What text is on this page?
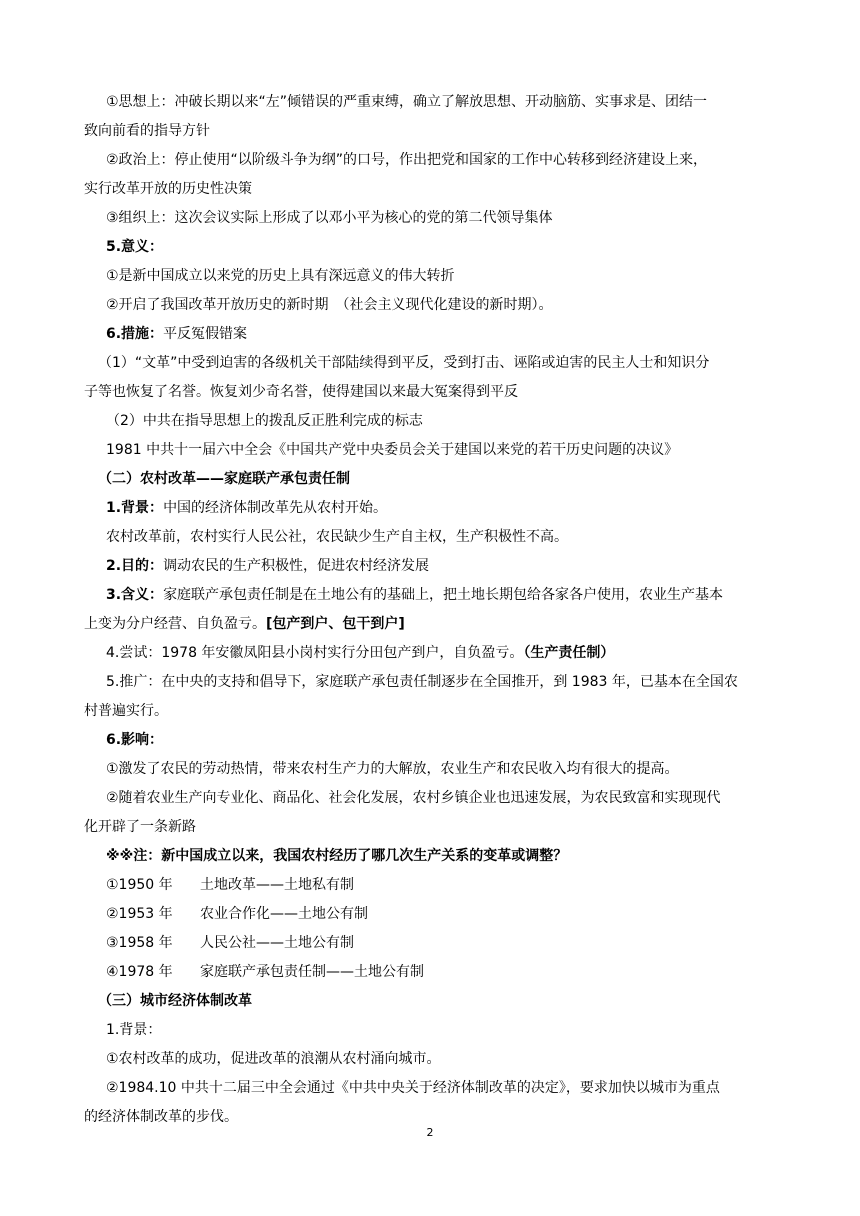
①思想上：冲破长期以来“左”倾错误的严重束缚，确立了解放思想、开动脑筋、实事求是、团结一

致向前看的指导方针

②政治上：停止使用“以阶级斗争为纲”的口号，作出把党和国家的工作中心转移到经济建设上来，

实行改革开放的历史性决策

③组织上：这次会议实际上形成了以邓小平为核心的党的第二代领导集体

5.意义：

①是新中国成立以来党的历史上具有深远意义的伟大转折

②开启了我国改革开放历史的新时期　（社会主义现代化建设的新时期）。

6.措施：平反冤假错案

（1）“文革”中受到迫害的各级机关干部陆续得到平反，受到打击、诬陷或迫害的民主人士和知识分

子等也恢复了名誉。恢复刘少奇名誉，使得建国以来最大冤案得到平反

（2）中共在指导思想上的拨乱反正胜利完成的标志

1981 中共十一届六中全会《中国共产党中央委员会关于建国以来党的若干历史问题的决议》

（二）农村改革——家庭联产承包责任制

1.背景：中国的经济体制改革先从农村开始。

农村改革前，农村实行人民公社，农民缺少生产自主权，生产积极性不高。

2.目的：调动农民的生产积极性，促进农村经济发展

3.含义：家庭联产承包责任制是在土地公有的基础上，把土地长期包给各家各户使用，农业生产基本

上变为分户经营、自负盈亏。[包产到户、包干到户]

4.尝试：1978 年安徽凤阳县小岗村实行分田包产到户，自负盈亏。（生产责任制）

5.推广：在中央的支持和倡导下，家庭联产承包责任制逐步在全国推开，到 1983 年，已基本在全国农

村普遍实行。

6.影响：

①激发了农民的劳动热情，带来农村生产力的大解放，农业生产和农民收入均有很大的提高。

②随着农业生产向专业化、商品化、社会化发展，农村乡镇企业也迅速发展，为农民致富和实现现代

化开辟了一条新路

※※注：新中国成立以来，我国农村经历了哪几次生产关系的变革或调整？

①1950 年	土地改革——土地私有制
②1953 年	农业合作化——土地公有制
③1958 年	人民公社——土地公有制
④1978 年	家庭联产承包责任制——土地公有制

（三）城市经济体制改革

1.背景：

①农村改革的成功，促进改革的浪潮从农村涌向城市。

②1984.10 中共十二届三中全会通过《中共中央关于经济体制改革的决定》，要求加快以城市为重点

的经济体制改革的步伐。

2
